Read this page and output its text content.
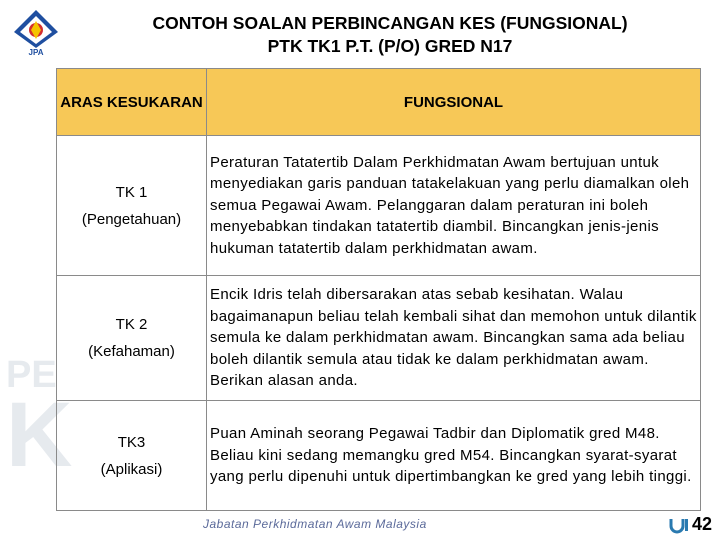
JPA
CONTOH SOALAN PERBINCANGAN KES (FUNGSIONAL)
PTK TK1 P.T. (P/O) GRED N17
PE
K
ARAS KESUKARAN	FUNGSIONAL

TK 1
(Pengetahuan)	Peraturan Tatatertib Dalam Perkhidmatan Awam bertujuan untuk menyediakan garis panduan tatakelakuan yang perlu diamalkan oleh semua Pegawai Awam. Pelanggaran dalam peraturan ini boleh menyebabkan tindakan tatatertib diambil. Bincangkan jenis-jenis hukuman tatatertib dalam perkhidmatan awam.

TK 2
(Kefahaman)	Encik Idris telah dibersarakan atas sebab kesihatan. Walau bagaimanapun beliau telah kembali sihat dan memohon untuk dilantik semula ke dalam perkhidmatan awam. Bincangkan sama ada beliau boleh dilantik semula atau tidak ke dalam perkhidmatan awam. Berikan alasan anda.

TK3
(Aplikasi)	Puan Aminah seorang Pegawai Tadbir dan Diplomatik gred M48. Beliau kini sedang memangku gred M54. Bincangkan syarat-syarat yang perlu dipenuhi untuk dipertimbangkan ke gred yang lebih tinggi.
Jabatan Perkhidmatan Awam Malaysia	42
